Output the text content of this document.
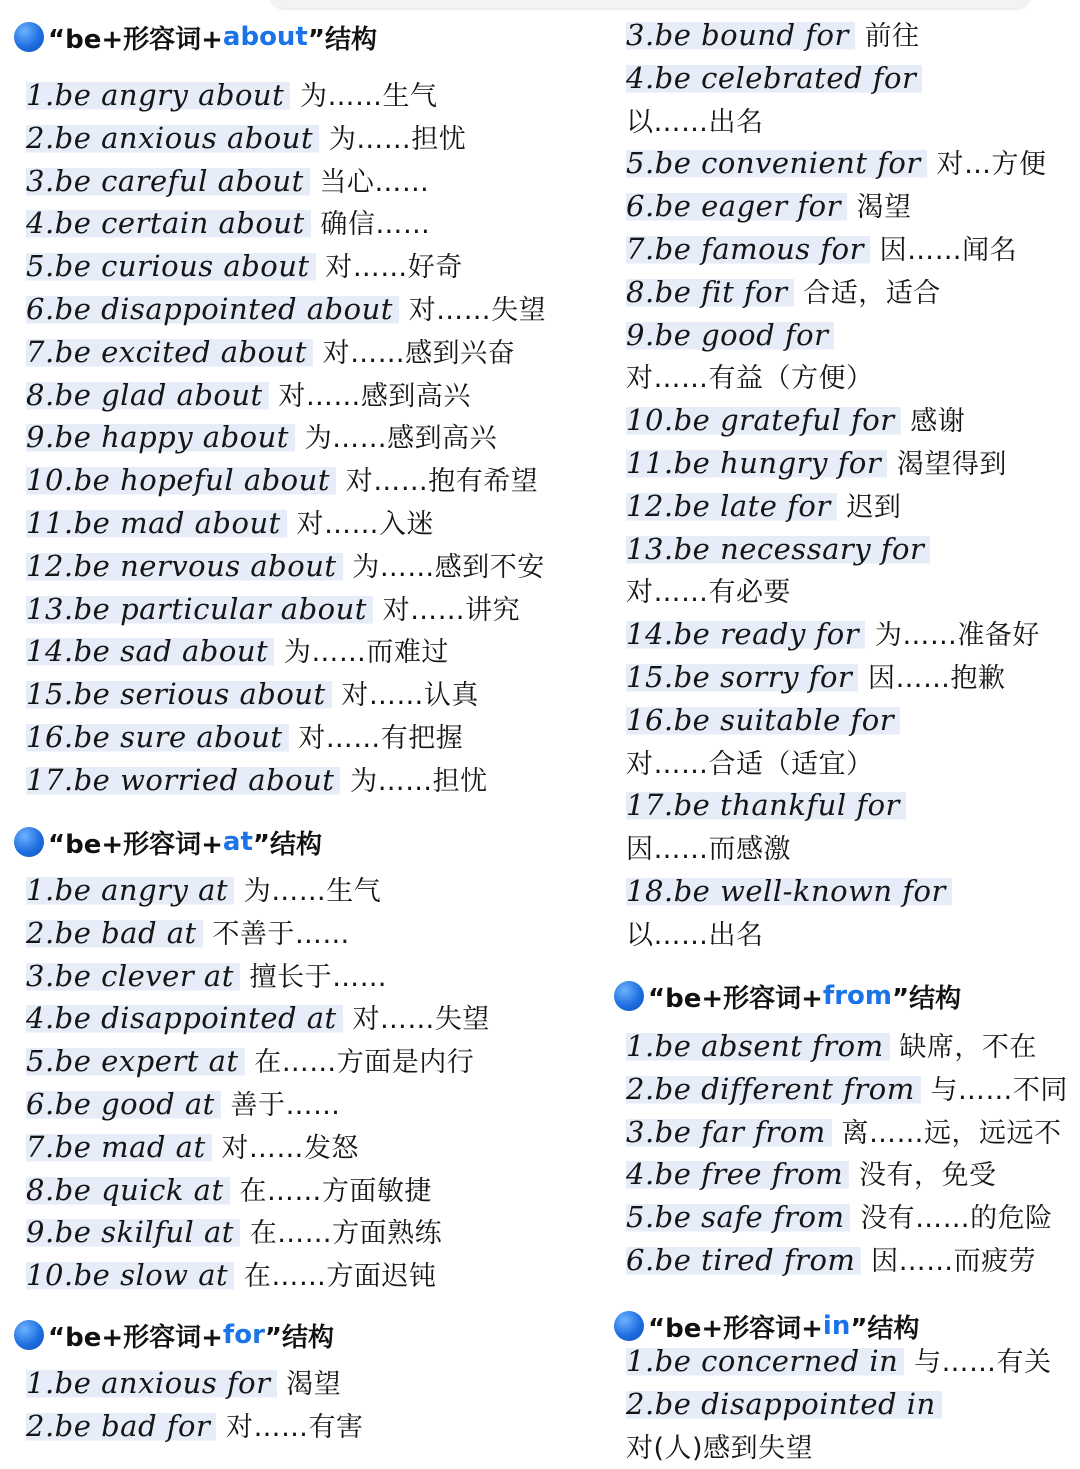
“be+形容词+ about ”结构
1.be angry about 为……生气
2.be anxious about 为……担忧
3.be careful about 当心……
4.be certain about 确信……
5.be curious about 对……好奇
6.be disappointed about 对……失望
7.be excited about 对……感到兴奋
8.be glad about 对……感到高兴
9.be happy about 为……感到高兴
10.be hopeful about 对……抱有希望
11.be mad about 对……入迷
12.be nervous about 为……感到不安
13.be particular about 对……讲究
14.be sad about 为……而难过
15.be serious about 对……认真
16.be sure about 对……有把握
17.be worried about 为……担忧
“be+形容词+ at ”结构
1.be angry at 为……生气
2.be bad at 不善于……
3.be clever at 擅长于……
4.be disappointed at 对……失望
5.be expert at 在……方面是内行
6.be good at 善于……
7.be mad at 对……发怒
8.be quick at 在……方面敏捷
9.be skilful at 在……方面熟练
10.be slow at 在……方面迟钝
“be+形容词+ for ”结构
1.be anxious for 渴望
2.be bad for 对……有害
3.be bound for 前往
4.be celebrated for
以……出名
5.be convenient for 对…方便
6.be eager for 渴望
7.be famous for 因……闻名
8.be fit for 合适，适合
9.be good for
对……有益（方便）
10.be grateful for 感谢
11.be hungry for 渴望得到
12.be late for 迟到
13.be necessary for
对……有必要
14.be ready for 为……准备好
15.be sorry for 因……抱歉
16.be suitable for
对……合适（适宜）
17.be thankful for
因……而感激
18.be well-known for
以……出名
“be+形容词+ from ”结构
1.be absent from 缺席，不在
2.be different from 与……不同
3.be far from 离……远，远远不
4.be free from 没有，免受
5.be safe from 没有……的危险
6.be tired from 因……而疲劳
“be+形容词+ in ”结构
1.be concerned in 与……有关
2.be disappointed in
对(人)感到失望
